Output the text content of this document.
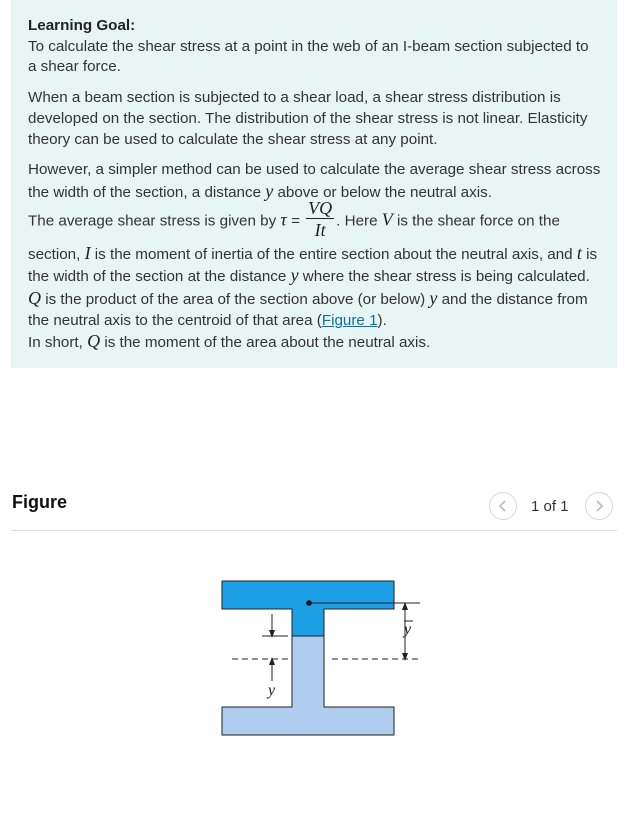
Learning Goal:

To calculate the shear stress at a point in the web of an I-beam section subjected to a shear force.

When a beam section is subjected to a shear load, a shear stress distribution is developed on the section. The distribution of the shear stress is not linear. Elasticity theory can be used to calculate the shear stress at any point.

However, a simpler method can be used to calculate the average shear stress across the width of the section, a distance y above or below the neutral axis.

The average shear stress is given by $\tau = \frac{VQ}{It}$ . Here V is the shear force on the section, I is the moment of inertia of the entire section about the neutral axis, and t is the width of the section at the distance y where the shear stress is being calculated. Q is the product of the area of the section above (or below) y and the distance from the neutral axis to the centroid of that area (Figure 1).
In short, Q is the moment of the area about the neutral axis.

Figure	1 of 1
y
y
